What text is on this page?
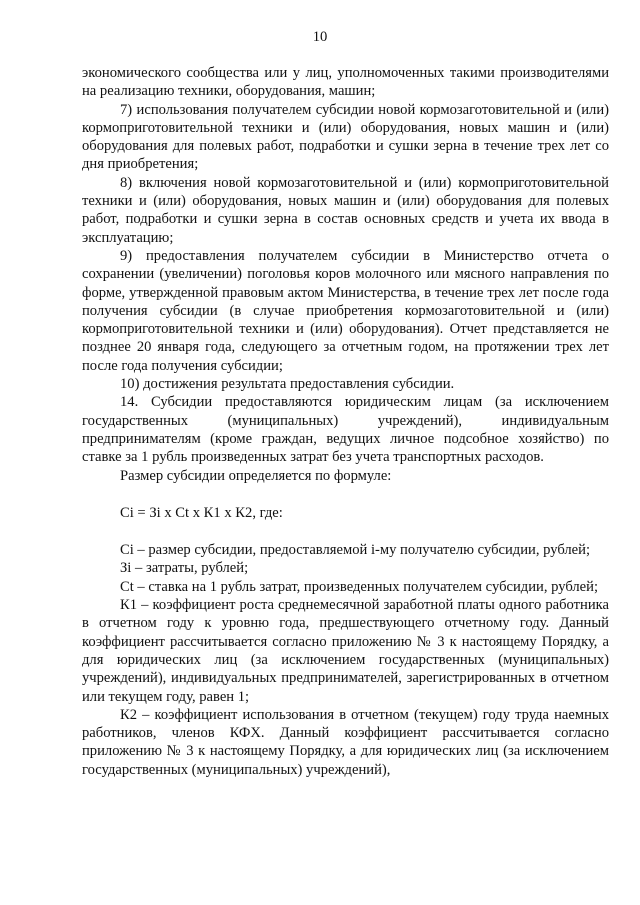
10

экономического сообщества или у лиц, уполномоченных такими производителями на реализацию техники, оборудования, машин;

7) использования получателем субсидии новой кормозаготовительной и (или) кормоприготовительной техники и (или) оборудования, новых машин и (или) оборудования для полевых работ, подработки и сушки зерна в течение трех лет со дня приобретения;

8) включения новой кормозаготовительной и (или) кормоприготовительной техники и (или) оборудования, новых машин и (или) оборудования для полевых работ, подработки и сушки зерна в состав основных средств и учета их ввода в эксплуатацию;

9) предоставления получателем субсидии в Министерство отчета о сохранении (увеличении) поголовья коров молочного или мясного направления по форме, утвержденной правовым актом Министерства, в течение трех лет после года получения субсидии (в случае приобретения кормозаготовительной и (или) кормоприготовительной техники и (или) оборудования). Отчет представляется не позднее 20 января года, следующего за отчетным годом, на протяжении трех лет после года получения субсидии;

10) достижения результата предоставления субсидии.

14. Субсидии предоставляются юридическим лицам (за исключением государственных (муниципальных) учреждений), индивидуальным предпринимателям (кроме граждан, ведущих личное подсобное хозяйство) по ставке за 1 рубль произведенных затрат без учета транспортных расходов.

Размер субсидии определяется по формуле:

Ci = Зi x Ct x К1 x К2, где:

Ci – размер субсидии, предоставляемой i-му получателю субсидии, рублей;

Зi – затраты, рублей;

Ct – ставка на 1 рубль затрат, произведенных получателем субсидии, рублей;

К1 – коэффициент роста среднемесячной заработной платы одного работника в отчетном году к уровню года, предшествующего отчетному году. Данный коэффициент рассчитывается согласно приложению № 3 к настоящему Порядку, а для юридических лиц (за исключением государственных (муниципальных) учреждений), индивидуальных предпринимателей, зарегистрированных в отчетном или текущем году, равен 1;

К2 – коэффициент использования в отчетном (текущем) году труда наемных работников, членов КФХ. Данный коэффициент рассчитывается согласно приложению № 3 к настоящему Порядку, а для юридических лиц (за исключением государственных (муниципальных) учреждений),
